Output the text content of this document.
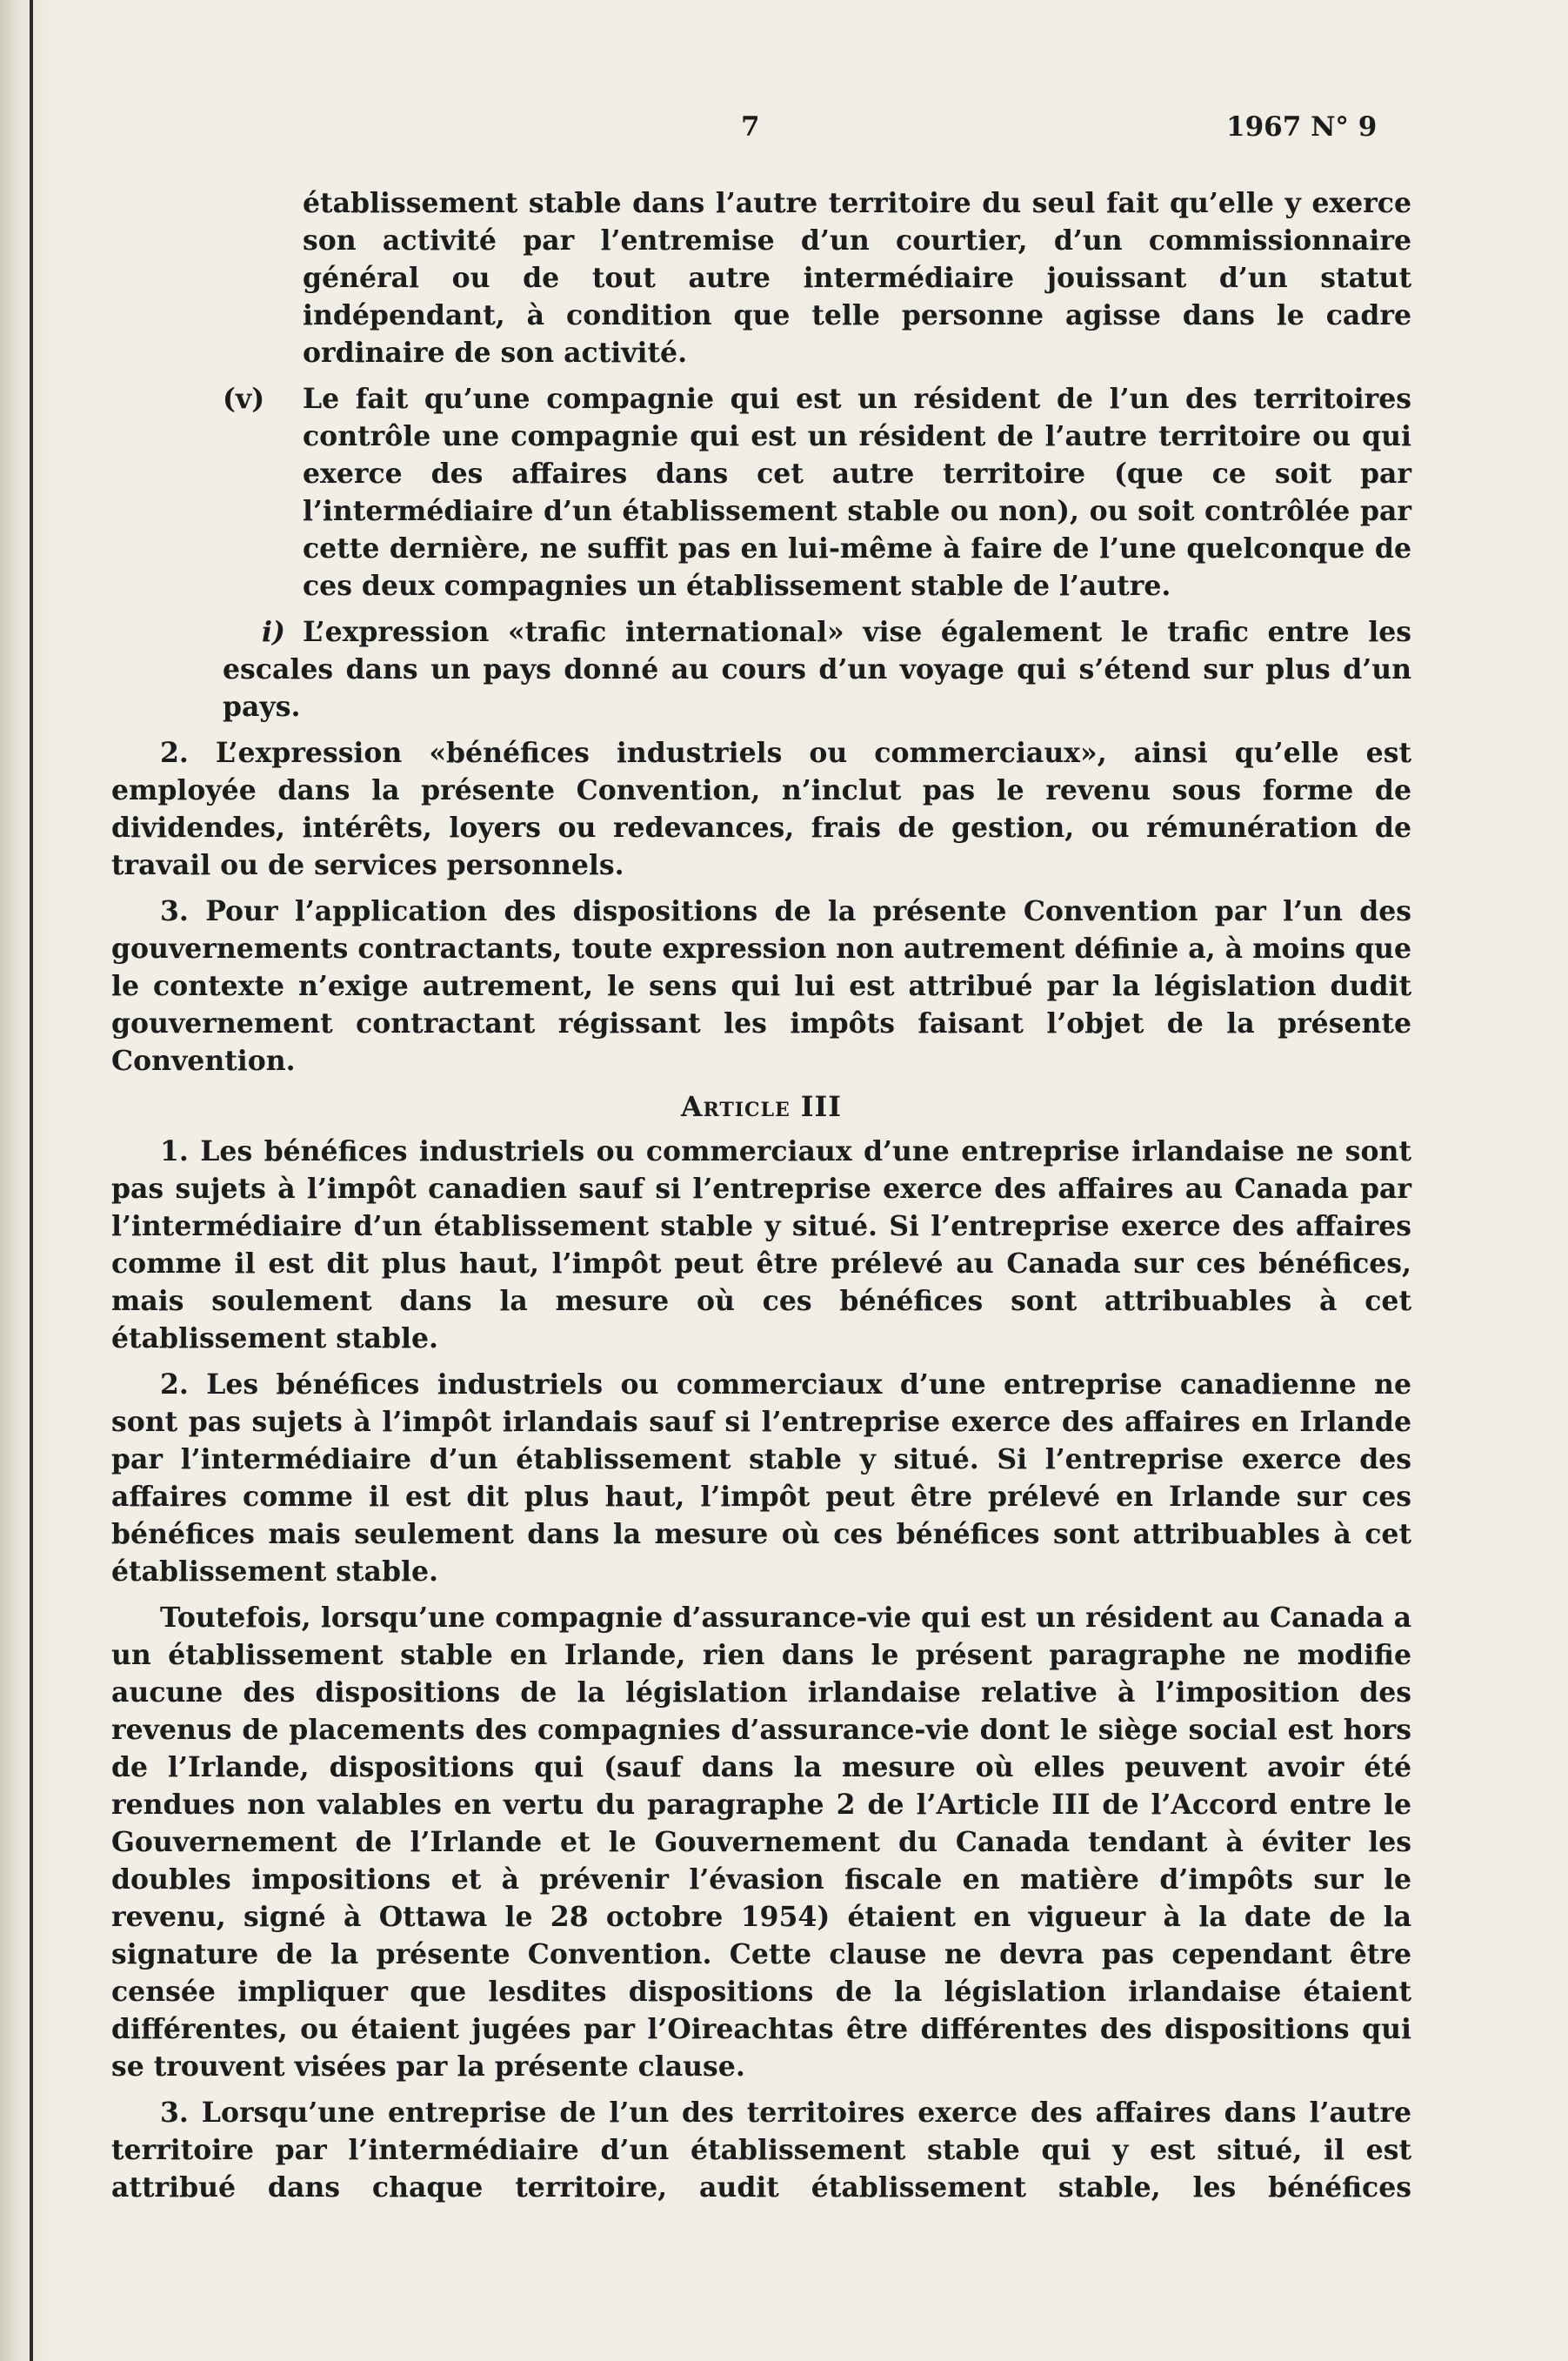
7	1967 N° 9

établissement stable dans l’autre territoire du seul fait qu’elle y exerce son activité par l’entremise d’un courtier, d’un commissionnaire général ou de tout autre intermédiaire jouissant d’un statut indépendant, à condition que telle personne agisse dans le cadre ordinaire de son activité.

(v) Le fait qu’une compagnie qui est un résident de l’un des territoires contrôle une compagnie qui est un résident de l’autre territoire ou qui exerce des affaires dans cet autre territoire (que ce soit par l’intermédiaire d’un établissement stable ou non), ou soit contrôlée par cette dernière, ne suffit pas en lui-même à faire de l’une quelconque de ces deux compagnies un établissement stable de l’autre.

i) L’expression «trafic international» vise également le trafic entre les escales dans un pays donné au cours d’un voyage qui s’étend sur plus d’un pays.

2. L’expression «bénéfices industriels ou commerciaux», ainsi qu’elle est employée dans la présente Convention, n’inclut pas le revenu sous forme de dividendes, intérêts, loyers ou redevances, frais de gestion, ou rémunération de travail ou de services personnels.

3. Pour l’application des dispositions de la présente Convention par l’un des gouvernements contractants, toute expression non autrement définie a, à moins que le contexte n’exige autrement, le sens qui lui est attribué par la législation dudit gouvernement contractant régissant les impôts faisant l’objet de la présente Convention.

Article III

1. Les bénéfices industriels ou commerciaux d’une entreprise irlandaise ne sont pas sujets à l’impôt canadien sauf si l’entreprise exerce des affaires au Canada par l’intermédiaire d’un établissement stable y situé. Si l’entreprise exerce des affaires comme il est dit plus haut, l’impôt peut être prélevé au Canada sur ces bénéfices, mais soulement dans la mesure où ces bénéfices sont attribuables à cet établissement stable.

2. Les bénéfices industriels ou commerciaux d’une entreprise canadienne ne sont pas sujets à l’impôt irlandais sauf si l’entreprise exerce des affaires en Irlande par l’intermédiaire d’un établissement stable y situé. Si l’entreprise exerce des affaires comme il est dit plus haut, l’impôt peut être prélevé en Irlande sur ces bénéfices mais seulement dans la mesure où ces bénéfices sont attribuables à cet établissement stable.

Toutefois, lorsqu’une compagnie d’assurance-vie qui est un résident au Canada a un établissement stable en Irlande, rien dans le présent paragraphe ne modifie aucune des dispositions de la législation irlandaise relative à l’imposition des revenus de placements des compagnies d’assurance-vie dont le siège social est hors de l’Irlande, dispositions qui (sauf dans la mesure où elles peuvent avoir été rendues non valables en vertu du paragraphe 2 de l’Article III de l’Accord entre le Gouvernement de l’Irlande et le Gouvernement du Canada tendant à éviter les doubles impositions et à prévenir l’évasion fiscale en matière d’impôts sur le revenu, signé à Ottawa le 28 octobre 1954) étaient en vigueur à la date de la signature de la présente Convention. Cette clause ne devra pas cependant être censée impliquer que lesdites dispositions de la législation irlandaise étaient différentes, ou étaient jugées par l’Oireachtas être différentes des dispositions qui se trouvent visées par la présente clause.

3. Lorsqu’une entreprise de l’un des territoires exerce des affaires dans l’autre territoire par l’intermédiaire d’un établissement stable qui y est situé, il est attribué dans chaque territoire, audit établissement stable, les bénéfices
